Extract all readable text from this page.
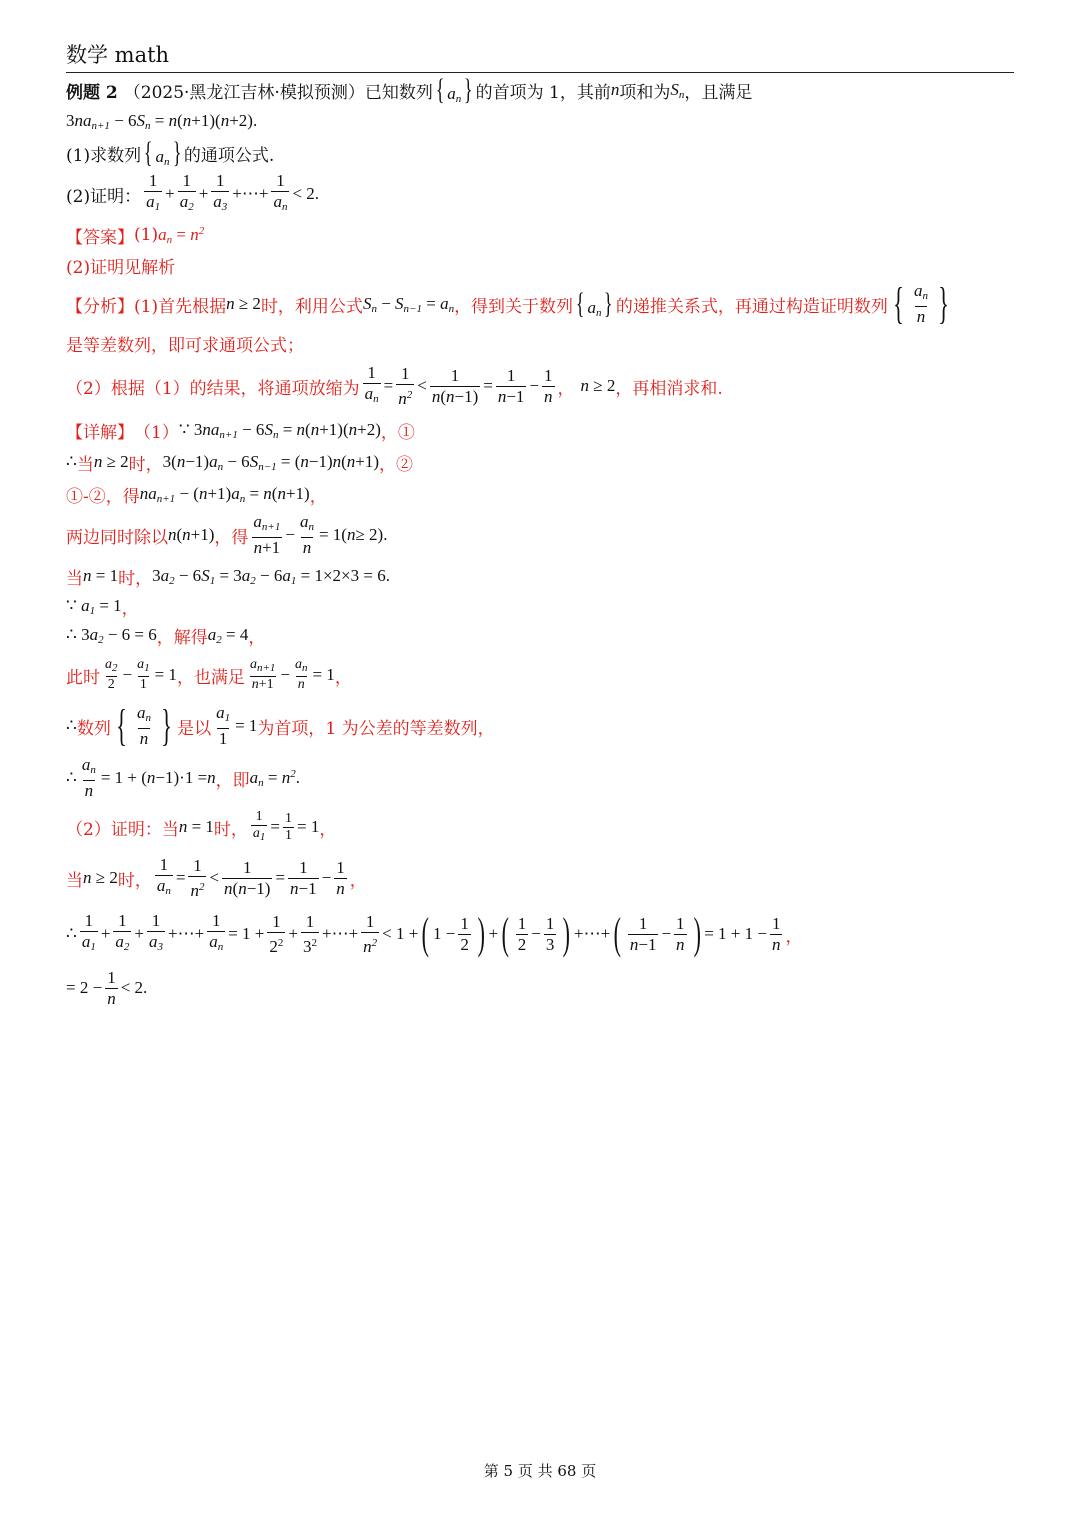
数学 math
例题 2 （2025·黑龙江吉林·模拟预测） 已知数列 { $a_n$} 的首项为 1，其前 n 项和为 $S_n$ ，且满足
$3na_{n+1} - 6S_n = n(n+1)(n+2)$.
(1)求数列 { $a_n$} 的通项公式.
(2)证明： $\frac{1}{a_1} + \frac{1}{a_2} + \frac{1}{a_3}$ +⋯+ $\frac{1}{a_n} < 2$.
【答案】 (1) $a_n = n^2$
(2)证明见解析
【分析】 (1)首先根据 n ≥ 2 时，利用公式 $S_n - S_{n-1} = a_n$ ，得到关于数列 { $a_n$} 的递推关系式，再通过构造证明数列 { $\frac{a_n}{n}$ }
是等差数列，即可求通项公式；
（2）根据（1）的结果，将通项放缩为 $\frac{1}{a_n} = \frac{1}{n^2} < \frac{1}{n(n-1)} = \frac{1}{n-1} - \frac{1}{n}$ ， n ≥ 2 ，再相消求和.
【详解】 （1） ∵ $3na_{n+1} - 6S_n = n(n+1)(n+2)$ ，①
∴ 当 n ≥ 2 时， $3(n-1)a_n - 6S_{n-1} = (n-1)n(n+1)$ ，②
①-②，得 $na_{n+1} - (n+1)a_n = n(n+1)$ ，
两边同时除以 n(n+1) ，得 $\frac{a_{n+1}}{n+1} - \frac{a_n}{n} = 1$( n ≥ 2).
当 n = 1 时， $3a_2 - 6S_1 = 3a_2 - 6a_1 = 1\times 2\times 3 = 6$.
∵ $a_1 = 1$ ，
∴ $3a_2 - 6 = 6$ ，解得 $a_2 = 4$ ，
此时 $\frac{a_2}{2} - \frac{a_1}{1} = 1$ ，也满足 $\frac{a_{n+1}}{n+1} - \frac{a_n}{n} = 1$ ，
∴ 数列 { $\frac{a_n}{n}$ } 是以 $\frac{a_1}{1} = 1$ 为首项，1 为公差的等差数列，
∴ $\frac{a_n}{n} = 1$ + ( n −1)·1 = n ，即 $a_n = n^2$.
（2）证明：当 n = 1 时， $\frac{1}{a_1} = \frac{1}{1} = 1$ ，
当 n ≥ 2 时， $\frac{1}{a_n} = \frac{1}{n^2} < \frac{1}{n(n-1)} = \frac{1}{n-1} - \frac{1}{n}$ ，
∴ $\frac{1}{a_1} + \frac{1}{a_2} + \frac{1}{a_3}$ +⋯+ $\frac{1}{a_n} = 1 + \frac{1}{2^2} + \frac{1}{3^2}$ +⋯+ $\frac{1}{n^2} < 1$ + ( $1 - \frac{1}{2}$ ) + ( $\frac{1}{2} - \frac{1}{3}$ ) +⋯+ ( $\frac{1}{n-1} - \frac{1}{n}$ ) = $1 + 1 - \frac{1}{n}$ ，
= $2 - \frac{1}{n} < 2$.
第 5 页 共 68 页
